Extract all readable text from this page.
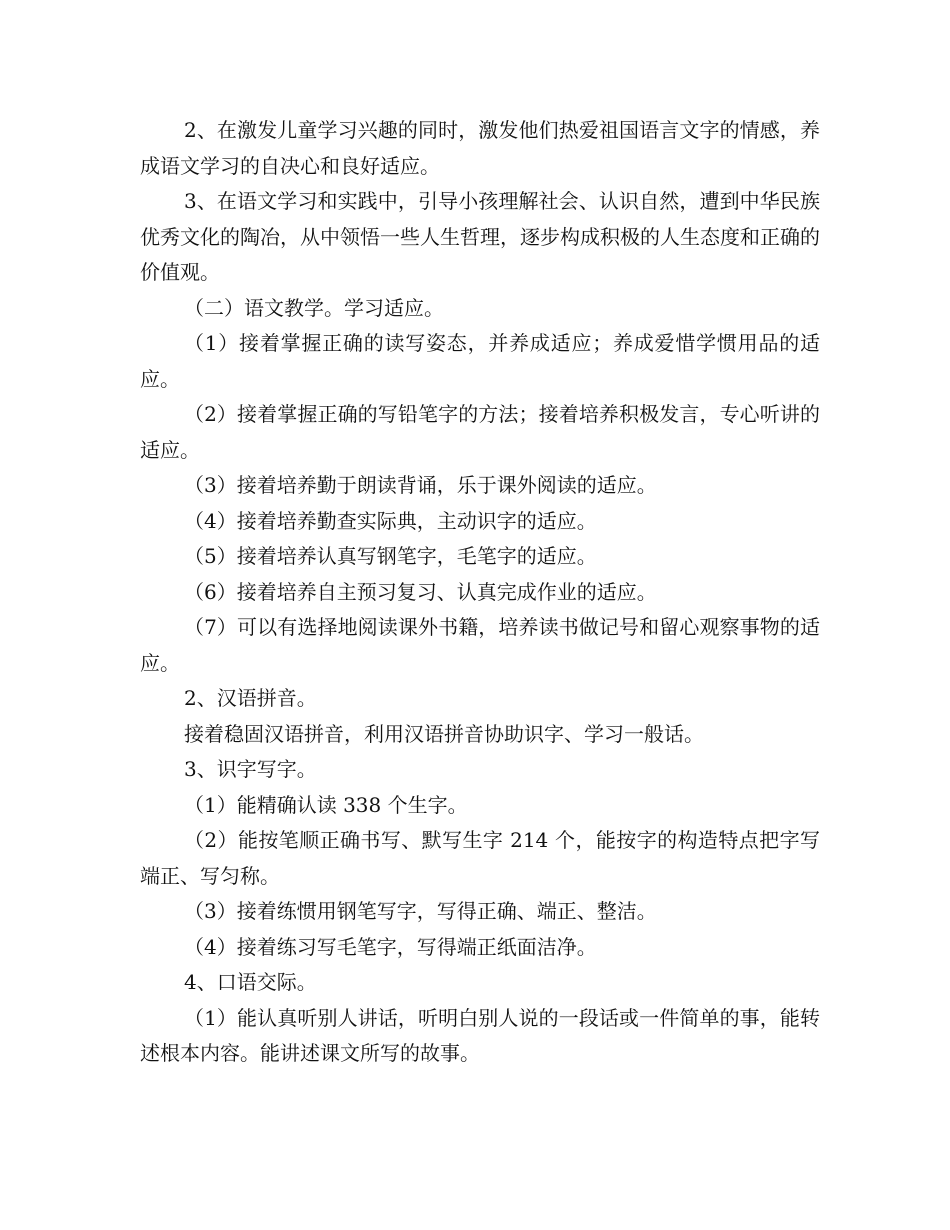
2、在激发儿童学习兴趣的同时，激发他们热爱祖国语言文字的情感，养成语文学习的自决心和良好适应。

3、在语文学习和实践中，引导小孩理解社会、认识自然，遭到中华民族优秀文化的陶冶，从中领悟一些人生哲理，逐步构成积极的人生态度和正确的价值观。

（二）语文教学。学习适应。

（1）接着掌握正确的读写姿态，并养成适应；养成爱惜学惯用品的适应。

（2）接着掌握正确的写铅笔字的方法；接着培养积极发言，专心听讲的适应。

（3）接着培养勤于朗读背诵，乐于课外阅读的适应。

（4）接着培养勤查实际典，主动识字的适应。

（5）接着培养认真写钢笔字，毛笔字的适应。

（6）接着培养自主预习复习、认真完成作业的适应。

（7）可以有选择地阅读课外书籍，培养读书做记号和留心观察事物的适应。

2、汉语拼音。

接着稳固汉语拼音，利用汉语拼音协助识字、学习一般话。

3、识字写字。

（1）能精确认读 338 个生字。

（2）能按笔顺正确书写、默写生字 214 个，能按字的构造特点把字写端正、写匀称。

（3）接着练惯用钢笔写字，写得正确、端正、整洁。

（4）接着练习写毛笔字，写得端正纸面洁净。

4、口语交际。

（1）能认真听别人讲话，听明白别人说的一段话或一件简单的事，能转述根本内容。能讲述课文所写的故事。
